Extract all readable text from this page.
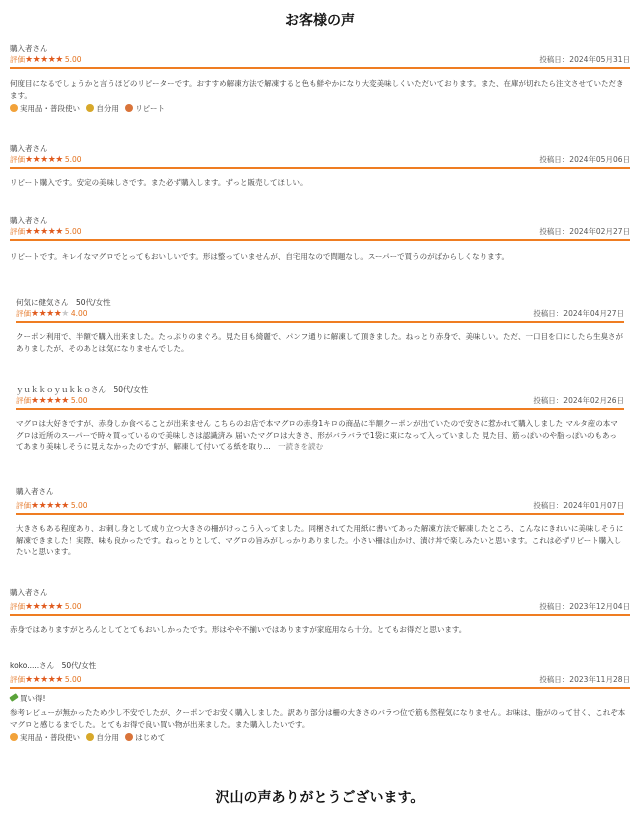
お客様の声
購入者さん
評価★★★★★ 5.00	投稿日：2024年05月31日
何度目になるでしょうかと言うほどのリピーターです。おすすめ解凍方法で解凍すると色も鮮やかになり大変美味しくいただいております。また、在庫が切れたら注文させていただきます。
実用品・普段使い 自分用 リピート
購入者さん
評価★★★★★ 5.00	投稿日：2024年05月06日
リピート購入です。安定の美味しさです。また必ず購入します。ずっと販売してほしい。
購入者さん
評価★★★★★ 5.00	投稿日：2024年02月27日
リピートです。キレイなマグロでとってもおいしいです。形は整っていませんが、自宅用なので問題なし。スーパーで買うのがばからしくなります。
何気に健気さん　50代/女性
評価★★★★★ 4.00	投稿日：2024年04月27日
クーポン利用で、半額で購入出来ました。たっぷりのまぐろ。見た目も綺麗で、パンフ通りに解凍して頂きました。ねっとり赤身で、美味しい。ただ、一口目を口にしたら生臭さがありましたが、そのあとは気になりませんでした。
ｙｕｋｋｏｙｕｋｋｏさん　50代/女性
評価★★★★★ 5.00	投稿日：2024年02月26日
マグロは大好きですが、赤身しか食べることが出来ません こちらのお店で本マグロの赤身1キロの商品に半額クーポンが出ていたので安さに惹かれて購入しました マルタ産の本マグロは近所のスーパーで時々買っているので美味しさは認識済み 届いたマグロは大きさ、形がバラバラで1袋に束になって入っていました 見た目、筋っぽいのや脂っぽいのもあってあまり美味しそうに見えなかったのですが、解凍して付いてる紙を取り...　 一読きを読む
購入者さん
評価★★★★★ 5.00	投稿日：2024年01月07日
大きさもある程度あり、お刺し身として成り立つ大きさの柵がけっこう入ってました。同梱されてた用紙に書いてあった解凍方法で解凍したところ、こんなにきれいに美味しそうに解凍できました！実際、味も良かったです。ねっとりとして、マグロの旨みがしっかりありました。小さい柵は山かけ、漬け丼で楽しみたいと思います。これは必ずリピート購入したいと思います。
購入者さん
評価★★★★★ 5.00	投稿日：2023年12月04日
赤身ではありますがとろんとしてとてもおいしかったです。形はやや不揃いではありますが家庭用なら十分。とてもお得だと思います。
koko.....さん　50代/女性
評価★★★★★ 5.00	投稿日：2023年11月28日
買い得!
参考レビューが無かったため少し不安でしたが、クーポンでお安く購入しました。訳あり部分は柵の大きさのバラつ位で筋も然程気になりません。お味は、脂がのって甘く、これぞ本マグロと感じるまでした。とてもお得で良い買い物が出来ました。また購入したいです。
実用品・普段使い 自分用 はじめて
沢山の声ありがとうございます。
